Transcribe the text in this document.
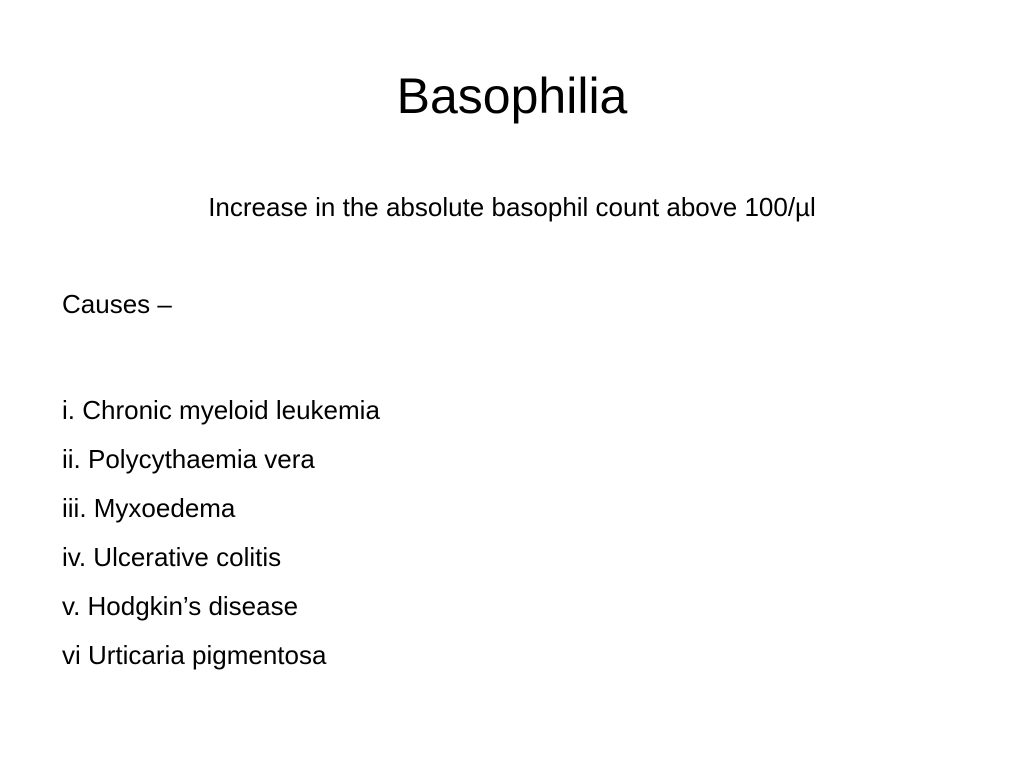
Basophilia

Increase in the absolute basophil count above 100/µl

Causes –

i. Chronic myeloid leukemia
ii. Polycythaemia vera
iii. Myxoedema
iv. Ulcerative colitis
v. Hodgkin’s disease
vi Urticaria pigmentosa
